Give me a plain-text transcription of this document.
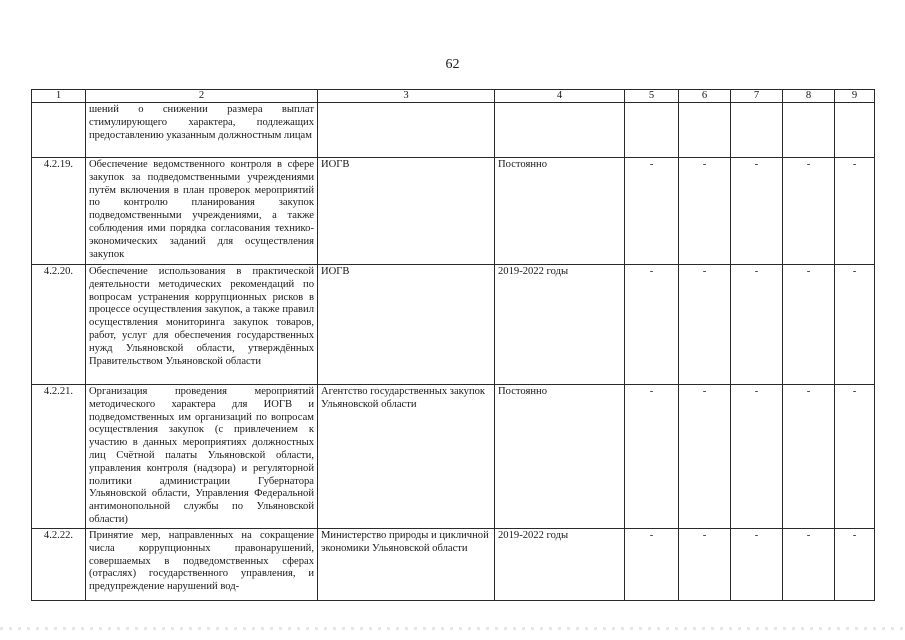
62
1	2	3	4	5	6	7	8	9
	шений о снижении размера выплат стимулирующего характера, подлежащих предоставлению указанным должностным лицам							
4.2.19.	Обеспечение ведомственного контроля в сфере закупок за подведомственными учреждениями путём включения в план проверок мероприятий по контролю планирования закупок подведомственными учреждениями, а также соблюдения ими порядка согласования технико-экономических заданий для осуществления закупок	ИОГВ	Постоянно	-	-	-	-	-
4.2.20.	Обеспечение использования в практической деятельности методических рекомендаций по вопросам устранения коррупционных рисков в процессе осуществления закупок, а также правил осуществления мониторинга закупок товаров, работ, услуг для обеспечения государственных нужд Ульяновской области, утверждённых Правительством Ульяновской области	ИОГВ	2019-2022 годы	-	-	-	-	-
4.2.21.	Организация проведения мероприятий методического характера для ИОГВ и подведомственных им организаций по вопросам осуществления закупок (с привлечением к участию в данных мероприятиях должностных лиц Счётной палаты Ульяновской области, управления контроля (надзора) и регуляторной политики администрации Губернатора Ульяновской области, Управления Федеральной антимонопольной службы по Ульяновской области)	Агентство государственных закупок Ульяновской области	Постоянно	-	-	-	-	-
4.2.22.	Принятие мер, направленных на сокращение числа коррупционных правонарушений, совершаемых в подведомственных сферах (отраслях) государственного управления, и предупреждение нарушений вод-	Министерство природы и цикличной экономики Ульяновской области	2019-2022 годы	-	-	-	-	-
